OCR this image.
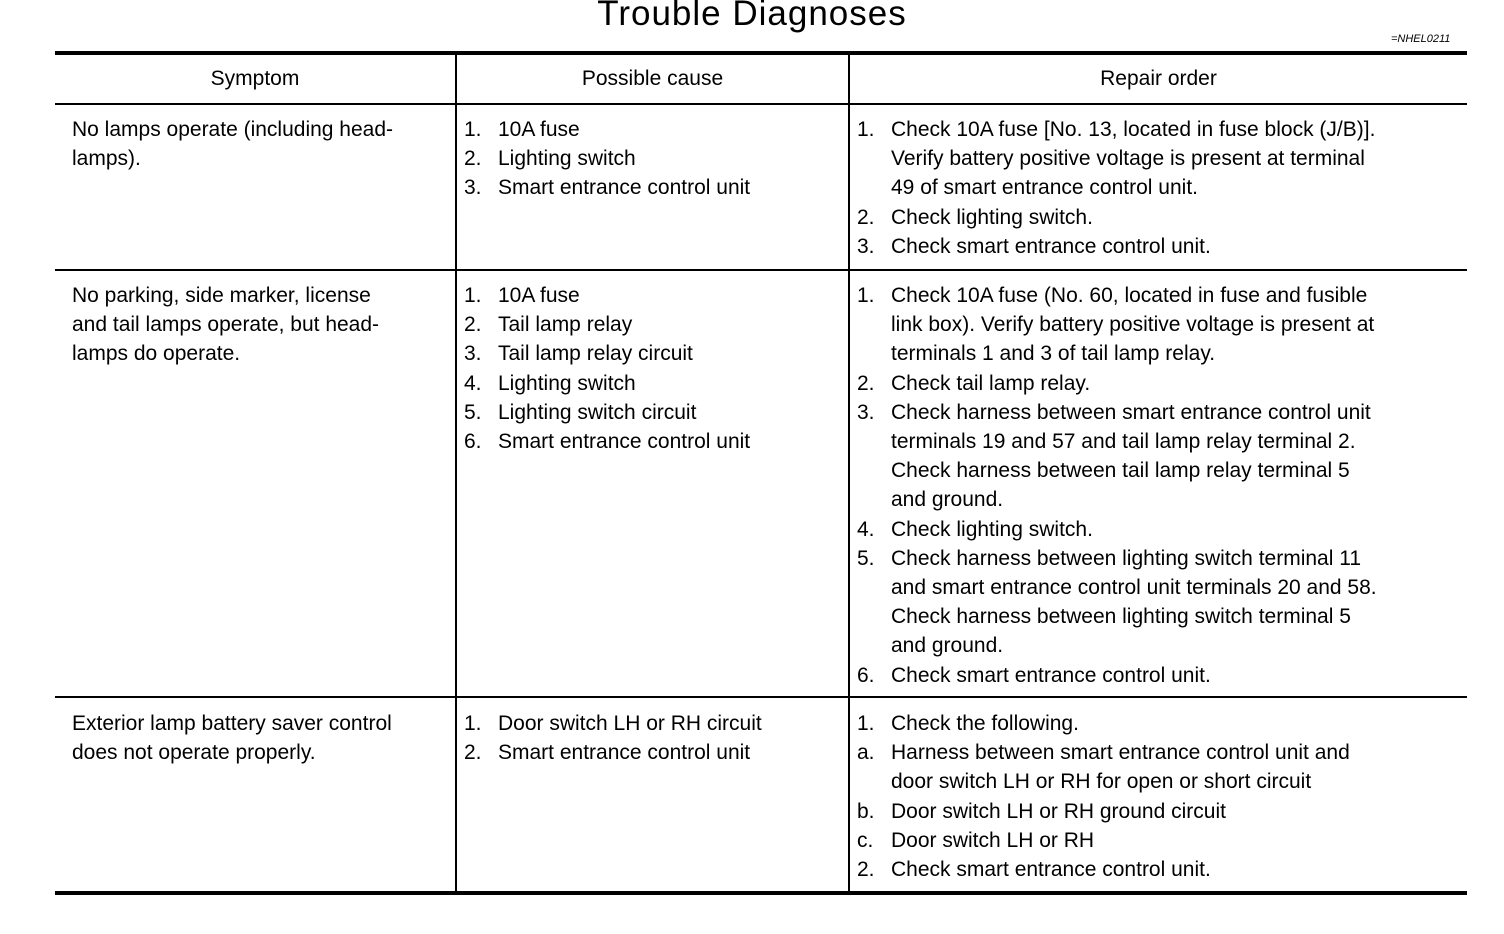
Trouble Diagnoses
=NHEL0211
Symptom	Possible cause	Repair order
No lamps operate (including head-
lamps).
1. 10A fuse
2. Lighting switch
3. Smart entrance control unit
1. Check 10A fuse [No. 13, located in fuse block (J/B)].
Verify battery positive voltage is present at terminal
49 of smart entrance control unit.
2. Check lighting switch.
3. Check smart entrance control unit.
No parking, side marker, license
and tail lamps operate, but head-
lamps do operate.
1. 10A fuse
2. Tail lamp relay
3. Tail lamp relay circuit
4. Lighting switch
5. Lighting switch circuit
6. Smart entrance control unit
1. Check 10A fuse (No. 60, located in fuse and fusible
link box). Verify battery positive voltage is present at
terminals 1 and 3 of tail lamp relay.
2. Check tail lamp relay.
3. Check harness between smart entrance control unit
terminals 19 and 57 and tail lamp relay terminal 2.
Check harness between tail lamp relay terminal 5
and ground.
4. Check lighting switch.
5. Check harness between lighting switch terminal 11
and smart entrance control unit terminals 20 and 58.
Check harness between lighting switch terminal 5
and ground.
6. Check smart entrance control unit.
Exterior lamp battery saver control
does not operate properly.
1. Door switch LH or RH circuit
2. Smart entrance control unit
1. Check the following.
a. Harness between smart entrance control unit and
door switch LH or RH for open or short circuit
b. Door switch LH or RH ground circuit
c. Door switch LH or RH
2. Check smart entrance control unit.
